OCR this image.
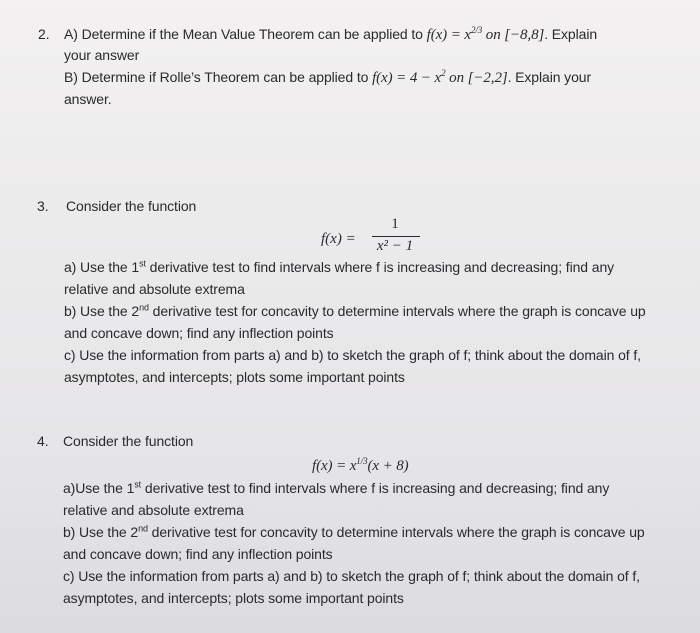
2. A) Determine if the Mean Value Theorem can be applied to $f(x) = x^{2/3}$ on [−8,8]. Explain
your answer
B) Determine if Rolle’s Theorem can be applied to $f(x) = 4 - x^2$ on [−2,2]. Explain your
answer.
3. Consider the function
f(x) =
1
x² − 1
a) Use the 1st derivative test to find intervals where f is increasing and decreasing; find any
relative and absolute extrema
b) Use the 2nd derivative test for concavity to determine intervals where the graph is concave up
and concave down; find any inflection points
c) Use the information from parts a) and b) to sketch the graph of f; think about the domain of f,
asymptotes, and intercepts; plots some important points
4. Consider the function
$f(x) = x^{1/3}(x + 8)$
a)Use the 1st derivative test to find intervals where f is increasing and decreasing; find any
relative and absolute extrema
b) Use the 2nd derivative test for concavity to determine intervals where the graph is concave up
and concave down; find any inflection points
c) Use the information from parts a) and b) to sketch the graph of f; think about the domain of f,
asymptotes, and intercepts; plots some important points
